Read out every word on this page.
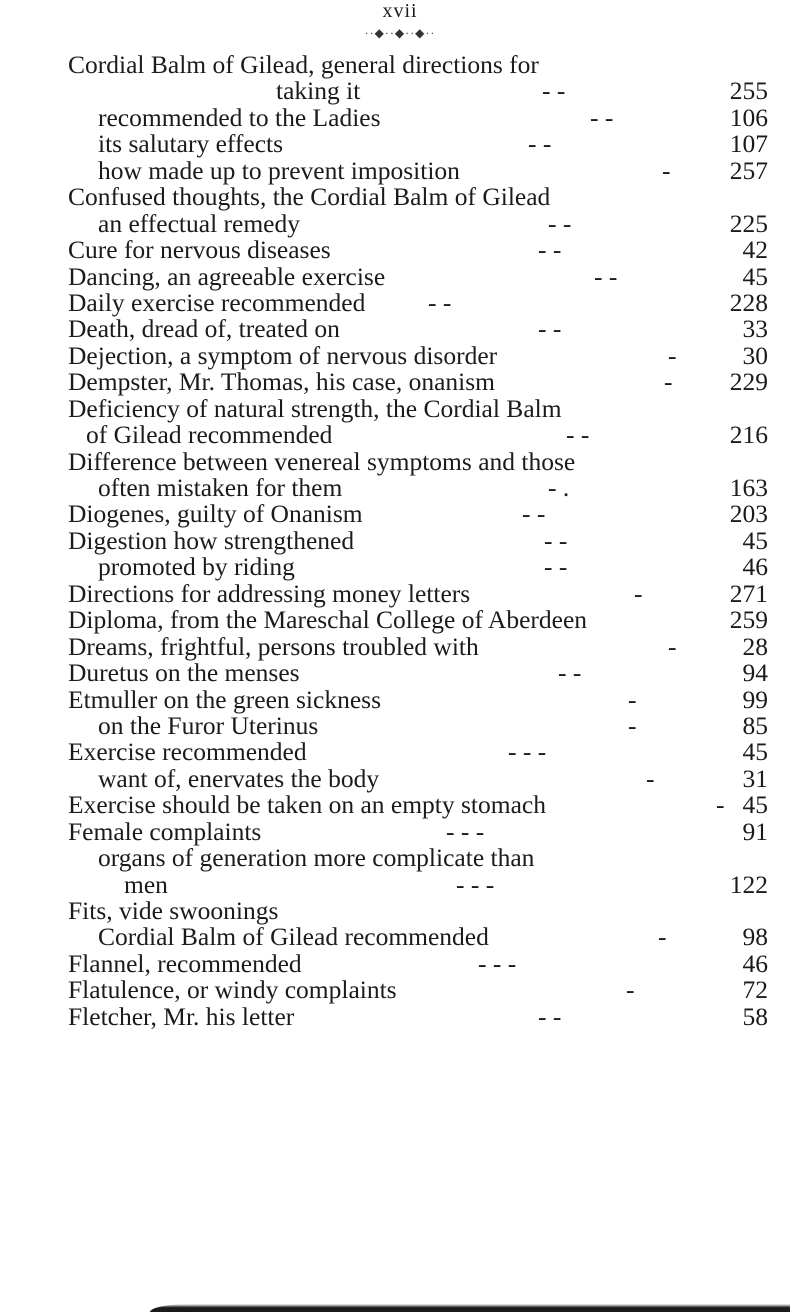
xvii
··◆··◆··◆··
Cordial Balm of Gilead, general directions for
taking it	- -	255
recommended to the Ladies	- -	106
its salutary effects	- -	107
how made up to prevent imposition	- 257
Confused thoughts, the Cordial Balm of Gilead
an effectual remedy	- -	225
Cure for nervous diseases	- -	42
Dancing, an agreeable exercise	- -	45
Daily exercise recommended - -	228
Death, dread of, treated on	- -	33
Dejection, a symptom of nervous disorder	-	30
Dempster, Mr. Thomas, his case, onanism	- 229
Deficiency of natural strength, the Cordial Balm
of Gilead recommended	- -	216
Difference between venereal symptoms and those
often mistaken for them	- .	163
Diogenes, guilty of Onanism	- -	203
Digestion how strengthened	- -	45
promoted by riding	- -	46
Directions for addressing money letters	-	271
Diploma, from the Mareschal College of Aberdeen	259
Dreams, frightful, persons troubled with	-	28
Duretus on the menses	- -	94
Etmuller on the green sickness	-	99
on the Furor Uterinus	-	85
Exercise recommended	- - -	45
want of, enervates the body	-	31
Exercise should be taken on an empty stomach	- 45
Female complaints	- - -	91
organs of generation more complicate than
men	- - -	122
Fits, vide swoonings
Cordial Balm of Gilead recommended	-	98
Flannel, recommended	- - -	46
Flatulence, or windy complaints	-	72
Fletcher, Mr. his letter	- -	58
